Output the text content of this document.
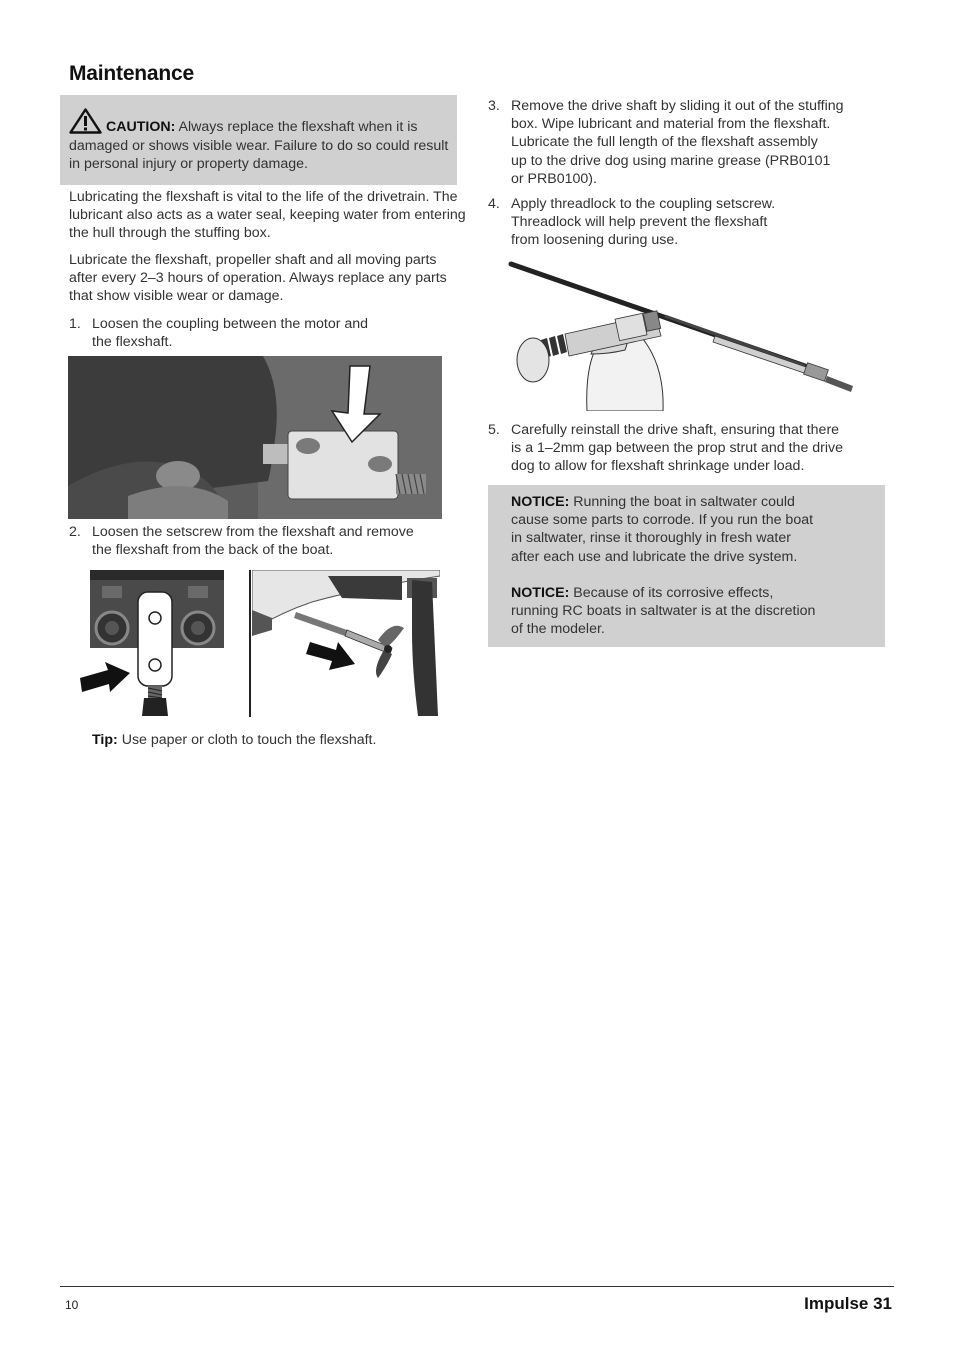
Maintenance
CAUTION: Always replace the flexshaft when it is damaged or shows visible wear. Failure to do so could result in personal injury or property damage.

Lubricating the flexshaft is vital to the life of the drivetrain. The lubricant also acts as a water seal, keeping water from entering the hull through the stuffing box.

Lubricate the flexshaft, propeller shaft and all moving parts after every 2–3 hours of operation. Always replace any parts that show visible wear or damage.

1. Loosen the coupling between the motor and
the flexshaft.
2. Loosen the setscrew from the flexshaft and remove
the flexshaft from the back of the boat.
Tip: Use paper or cloth to touch the flexshaft.
3. Remove the drive shaft by sliding it out of the stuffing
box. Wipe lubricant and material from the flexshaft.
Lubricate the full length of the flexshaft assembly
up to the drive dog using marine grease (PRB0101
or PRB0100).
4. Apply threadlock to the coupling setscrew.
Threadlock will help prevent the flexshaft
from loosening during use.
5. Carefully reinstall the drive shaft, ensuring that there
is a 1–2mm gap between the prop strut and the drive
dog to allow for flexshaft shrinkage under load.
NOTICE: Running the boat in saltwater could
cause some parts to corrode. If you run the boat
in saltwater, rinse it thoroughly in fresh water
after each use and lubricate the drive system.
NOTICE: Because of its corrosive effects,
running RC boats in saltwater is at the discretion
of the modeler.
10	Impulse 31
